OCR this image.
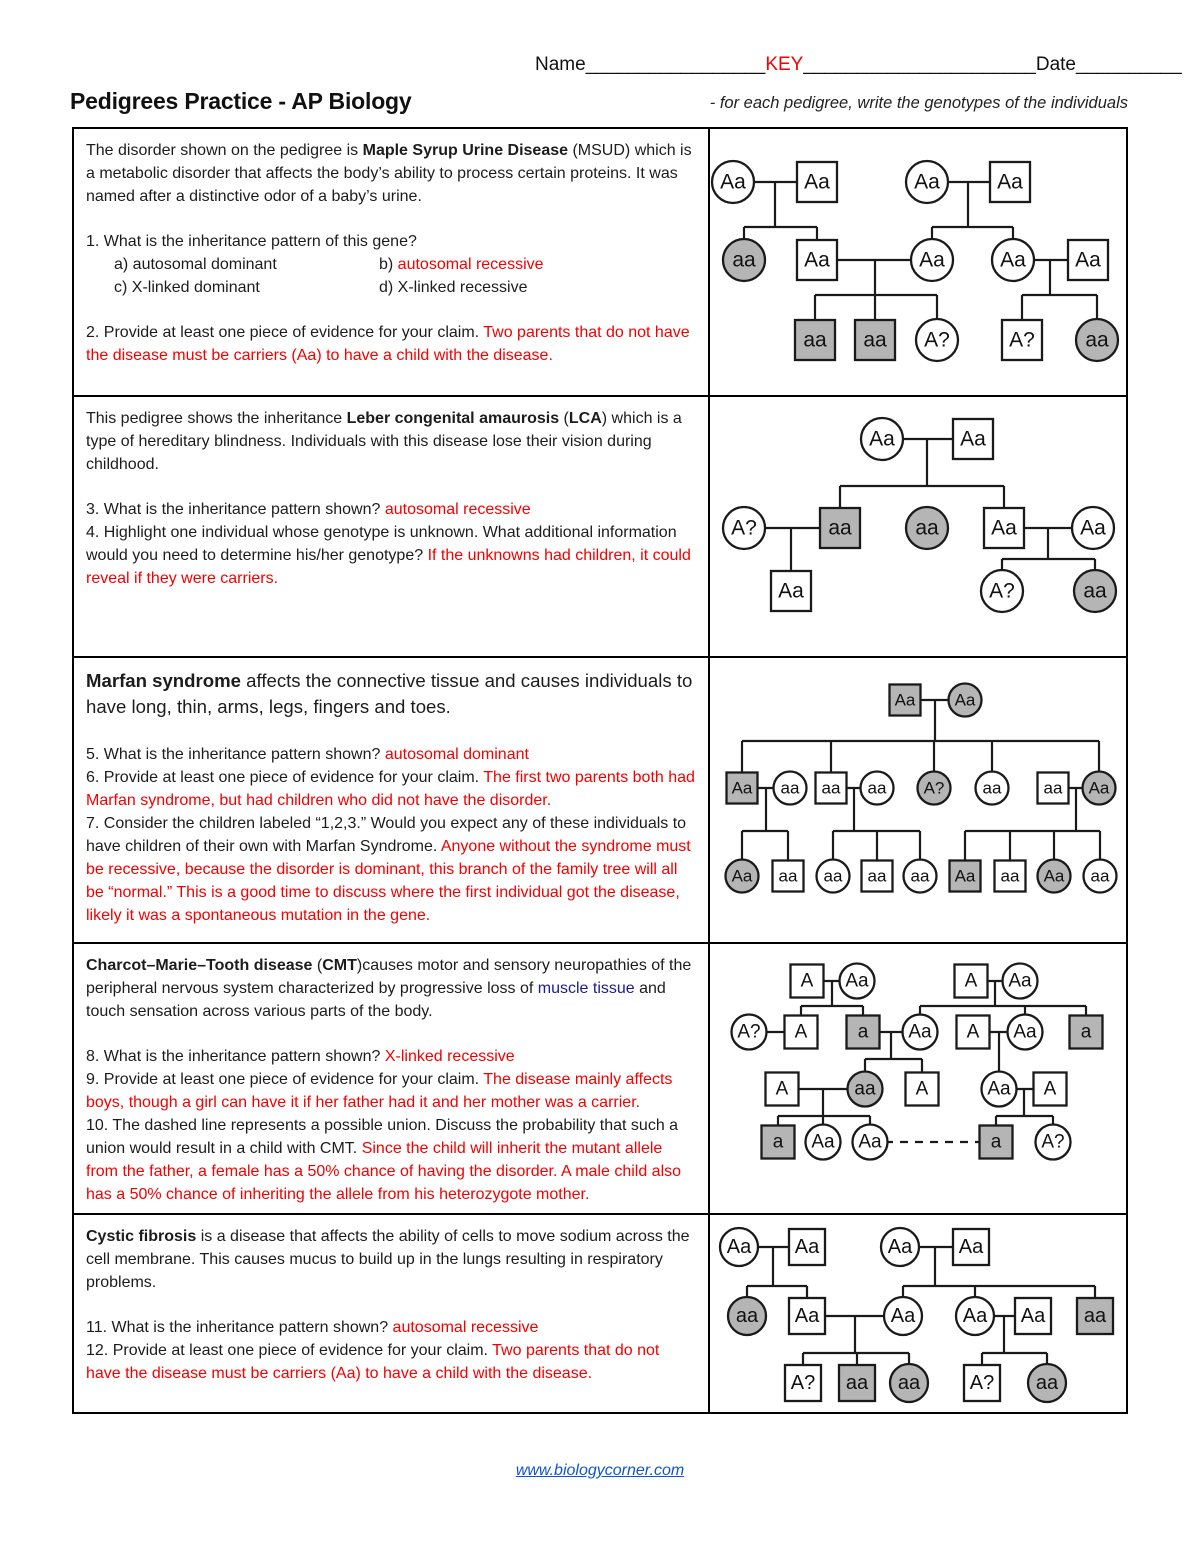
Name_________________KEY______________________Date__________
Pedigrees Practice - AP Biology	- for each pedigree, write the genotypes of the individuals

The disorder shown on the pedigree is Maple Syrup Urine Disease (MSUD) which is a metabolic disorder that affects the body’s ability to process certain proteins. It was named after a distinctive odor of a baby’s urine.

1. What is the inheritance pattern of this gene?

a) autosomal dominant	b) autosomal recessive

c) X-linked dominant	d) X-linked recessive

2. Provide at least one piece of evidence for your claim. Two parents that do not have the disease must be carriers (Aa) to have a child with the disease.

Aa	Aa	Aa	Aa
aa Aa	Aa	Aa Aa
aa aa A?	A? aa

This pedigree shows the inheritance Leber congenital amaurosis (LCA) which is a type of hereditary blindness. Individuals with this disease lose their vision during childhood.

3. What is the inheritance pattern shown? autosomal recessive

4. Highlight one individual whose genotype is unknown. What additional information would you need to determine his/her genotype? If the unknowns had children, it could reveal if they were carriers.

Aa	Aa
A?	aa	aa Aa	Aa
Aa	A?	aa

Marfan syndrome affects the connective tissue and causes individuals to have long, thin, arms, legs, fingers and toes.

5. What is the inheritance pattern shown? autosomal dominant

6. Provide at least one piece of evidence for your claim. The first two parents both had Marfan syndrome, but had children who did not have the disorder.

7. Consider the children labeled “1,2,3.” Would you expect any of these individuals to have children of their own with Marfan Syndrome. Anyone without the syndrome must be recessive, because the disorder is dominant, this branch of the family tree will all be “normal.” This is a good time to discuss where the first individual got the disease, likely it was a spontaneous mutation in the gene.

Aa Aa
Aa aa aa aa A? aa aa Aa
Aa aa aa aa aa Aa aa Aa aa

Charcot–Marie–Tooth disease (CMT)causes motor and sensory neuropathies of the peripheral nervous system characterized by progressive loss of muscle tissue and touch sensation across various parts of the body.

8. What is the inheritance pattern shown? X-linked recessive

9. Provide at least one piece of evidence for your claim. The disease mainly affects boys, though a girl can have it if her father had it and her mother was a carrier.

10. The dashed line represents a possible union. Discuss the probability that such a union would result in a child with CMT. Since the child will inherit the mutant allele from the father, a female has a 50% chance of having the disorder. A male child also has a 50% chance of inheriting the allele from his heterozygote mother.

A Aa	A Aa
A? A	a Aa A Aa a
A	aa A	Aa A
a Aa Aa	a A?

Cystic fibrosis is a disease that affects the ability of cells to move sodium across the cell membrane. This causes mucus to build up in the lungs resulting in respiratory problems.

11. What is the inheritance pattern shown? autosomal recessive

12. Provide at least one piece of evidence for your claim. Two parents that do not have the disease must be carriers (Aa) to have a child with the disease.

Aa Aa	Aa Aa
aa Aa	Aa Aa Aa aa
A? aa aa A? aa
www.biologycorner.com
